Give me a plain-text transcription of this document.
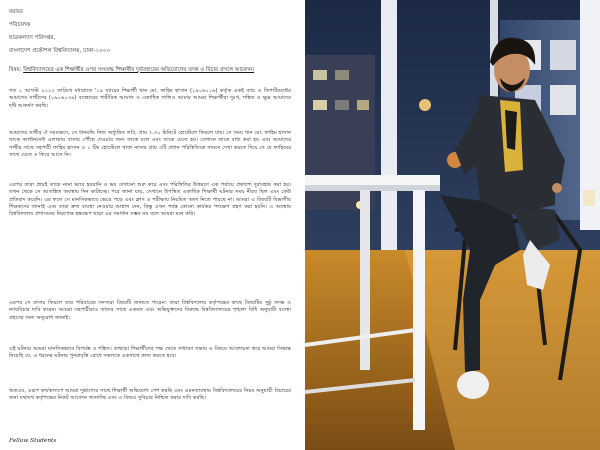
বরাবর
পরিচালক
ছাত্রকল্যাণ পরিদপ্তর,
বাংলাদেশ প্রকৌশল বিশ্ববিদ্যালয়, ঢাকা-১০০০
বিষয়: বিশ্ববিদ্যালয়ের এক শিক্ষার্থীর ওপর সংঘবদ্ধ শিক্ষার্থীর দুর্ব্যবহারের অভিযোগের তদন্ত ও বিচার প্রসঙ্গে আবেদন।
গত ১ আগস্ট ২০২২ তারিখে মধ্যরাতে '১৯ ব্যাচের শিক্ষার্থী খান মো. ফাহিম হাসান (১৯০৬১১৬) কর্তৃক একই ব্যাচ ও ডিপার্টমেন্টের আমাদের সাথীদের (১৯০৬০৩৯) ব্যবহারের শারীরিক আঘাত ও একাধিক গালিও আমার আমরা শিক্ষার্থীরা দুঃখ, শঙ্কিত ও ক্ষুব্ধ আমাদের দৃষ্টি আকর্ষণ করছি।
আমাদের সাথীর ঐ সময়ক্ষণে, সে ধানমন্ডি নিজ অধ্যুষিত লবি, প্রায় ৭.৩০ মিনিটে হোস্টেলে ফিরলে যায়। সে সময় খান মো. ফাহিম হাসান তাকে ক্যান্টনমেন্ট এলাকায় বাসায় পৌঁছে দেওয়ার জন্য তাকে বলে এবং তাকে যেতে হয়। সেখানে তাকে বাধ্য করা হয় এবং আমাদের সাথীর সাথে সহপাঠী ফাহিম হাসান ও ১ টিম হোস্টেলে থাকা নাসার প্রায় ৩টি প্রধান পরিস্থিতিকে সামনে দেখা করতে দিয়ে সে যে ফাহিমের সাথে যেতে ও ফিরে আসে নি।
এরপর তারা প্রায়ই তাকে নানা ভাবে হয়রানি ও ভয় দেখানো শুরু করে এবং পরিস্থিতির উত্তরণে এক পর্যায়ে প্রকাশ্যে দুর্ব্যবহার করা হয়। তখন থেকে সে আতঙ্কিত অবস্থায় দিন কাটাচ্ছে। পরে জানা যায়, সেখানে উপস্থিত একাধিক শিক্ষার্থী ঘটনার সময় নীরব ছিল এবং কেউ প্রতিবাদ করেনি। এর ফলে সে মানসিকভাবে ভেঙে পড়ে এবং ক্লাস ও পরীক্ষায় নিয়মিত অংশ নিতে পারছে না। আমরা এ বিষয়টি বিভাগীয় শিক্ষকদের জানাই এবং তারা দ্রুত ব্যবস্থা নেওয়ার আশ্বাস দেন, কিন্তু এখন পর্যন্ত কোনো কার্যকর পদক্ষেপ গ্রহণ করা হয়নি। এ অবস্থায় বিশ্ববিদ্যালয় প্রশাসনের নিরপেক্ষ হস্তক্ষেপ ছাড়া এর সমাধান সম্ভব নয় বলে আমরা মনে করি।
এরপর সে বাসায় ফিরলে তার পরিবারের সদস্যরা বিষয়টি জানতে পারেন। তারা বিশ্ববিদ্যালয় কর্তৃপক্ষের কাছে বিষয়টির সুষ্ঠু তদন্ত ও ন্যায়বিচার দাবি করেন। আমরা সহপাঠীরাও তাদের সাথে একমত এবং অভিযুক্তদের বিরুদ্ধে বিশ্ববিদ্যালয়ের শৃঙ্খলা বিধি অনুযায়ী ব্যবস্থা গ্রহণের জন্য অনুরোধ জানাই।
এই ঘটনার আমরা মানসিকভাবে বিপর্যস্ত ও শঙ্কিত। তাছাড়া শিক্ষার্থীদের পক্ষ থেকে সাধারণ সভায় এ বিষয়ে আলোচনা করে আমরা সিদ্ধান্ত নিয়েছি যে, এ ধরনের ঘটনার পুনরাবৃত্তি রোধে সকলকে একসাথে কাজ করতে হবে।
অতএব, এরূপ কার্যকলাপে আমরা দুর্ভাগ্যের সাথে শিক্ষার্থী অভিযোগ পেশ করছি এবং এমনতাবস্থায় বিশ্ববিদ্যালয়ের নিয়ম অনুযায়ী বিচারের জন্য যথাযথ কর্তৃপক্ষের নিকট আবেদন জানাচ্ছি এবং এ বিষয়ে সুবিচার নিশ্চিত করার দাবি করছি।
Fellow Students
